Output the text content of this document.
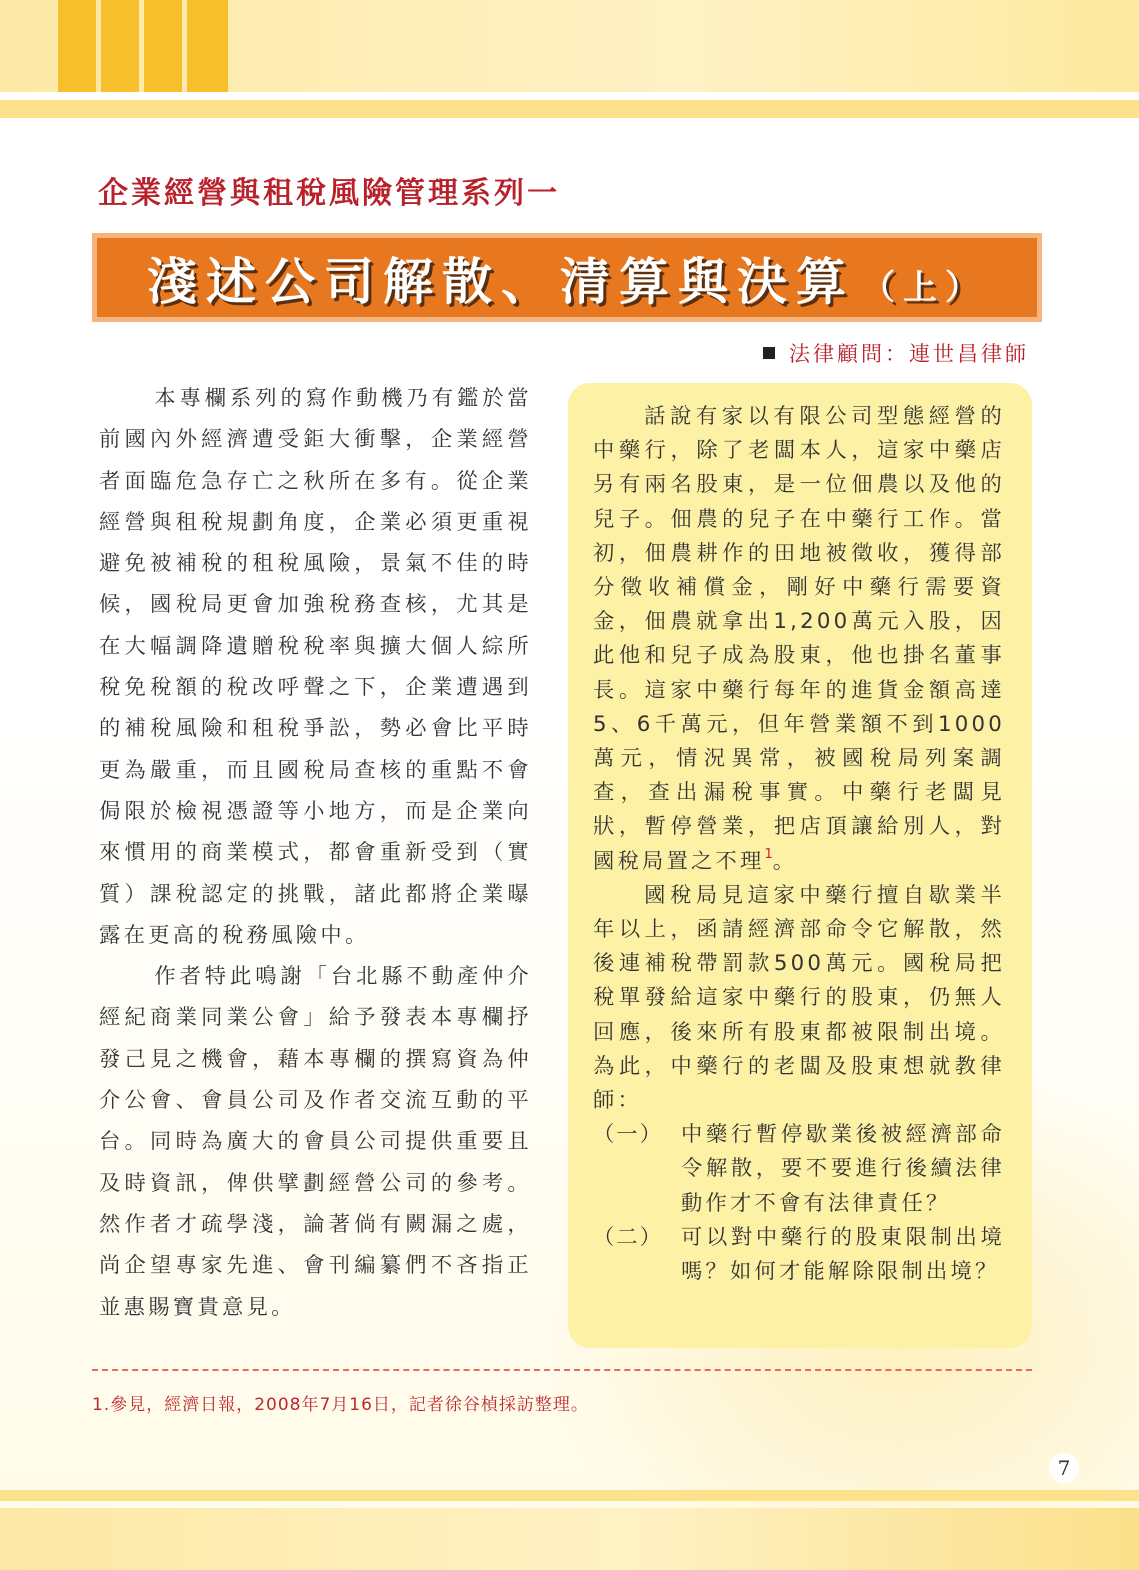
企業經營與租稅風險管理系列一
淺述公司解散、清算與決算 （上）
法律顧問：連世昌律師

本專欄系列的寫作動機乃有鑑於當前國內外經濟遭受鉅大衝擊，企業經營者面臨危急存亡之秋所在多有。從企業經營與租稅規劃角度，企業必須更重視避免被補稅的租稅風險，景氣不佳的時候，國稅局更會加強稅務查核，尤其是在大幅調降遺贈稅稅率與擴大個人綜所稅免稅額的稅改呼聲之下，企業遭遇到的補稅風險和租稅爭訟，勢必會比平時更為嚴重，而且國稅局查核的重點不會侷限於檢視憑證等小地方，而是企業向來慣用的商業模式，都會重新受到（實質）課稅認定的挑戰，諸此都將企業曝露在更高的稅務風險中。

作者特此鳴謝「台北縣不動產仲介經紀商業同業公會」給予發表本專欄抒發己見之機會，藉本專欄的撰寫資為仲介公會、會員公司及作者交流互動的平台。同時為廣大的會員公司提供重要且及時資訊，俾供擘劃經營公司的參考。然作者才疏學淺，論著倘有闕漏之處，尚企望專家先進、會刊編纂們不吝指正並惠賜寶貴意見。

話說有家以有限公司型態經營的中藥行，除了老闆本人，這家中藥店另有兩名股東，是一位佃農以及他的兒子。佃農的兒子在中藥行工作。當初，佃農耕作的田地被徵收，獲得部分徵收補償金，剛好中藥行需要資金，佃農就拿出1,200萬元入股，因此他和兒子成為股東，他也掛名董事長。這家中藥行每年的進貨金額高達5、6千萬元，但年營業額不到1000萬元，情況異常，被國稅局列案調查，查出漏稅事實。中藥行老闆見狀，暫停營業，把店頂讓給別人，對國稅局置之不理$^1$。

國稅局見這家中藥行擅自歇業半年以上，函請經濟部命令它解散，然後連補稅帶罰款500萬元。國稅局把稅單發給這家中藥行的股東，仍無人回應，後來所有股東都被限制出境。為此，中藥行的老闆及股東想就教律師：

（一） 中藥行暫停歇業後被經濟部命令解散，要不要進行後續法律動作才不會有法律責任？
（二） 可以對中藥行的股東限制出境嗎？如何才能解除限制出境？

1.參見，經濟日報，2008年7月16日，記者徐谷楨採訪整理。

7
